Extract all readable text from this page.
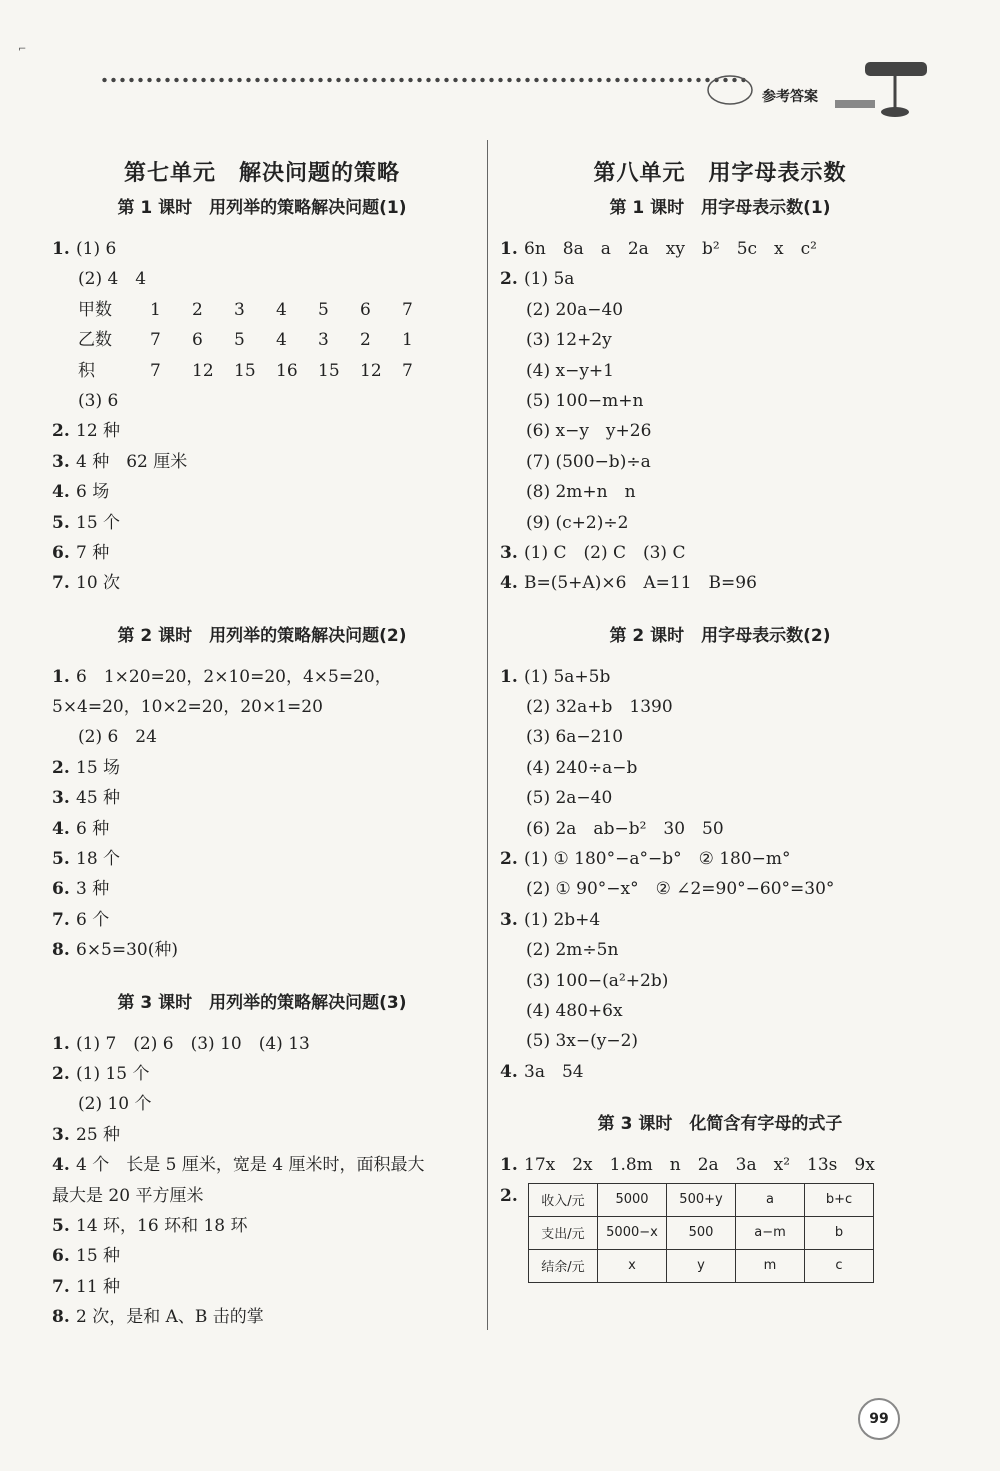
⌐
参考答案
第七单元　解决问题的策略
第 1 课时　用列举的策略解决问题(1)
1. (1) 6
(2) 4　4
甲数 1 2 3 4 5 6 7
乙数 7 6 5 4 3 2 1
积	7 12 15 16 15 12 7
(3) 6
2. 12 种
3. 4 种　62 厘米
4. 6 场
5. 15 个
6. 7 种
7. 10 次
第 2 课时　用列举的策略解决问题(2)
1. 6　1×20=20，2×10=20，4×5=20，
5×4=20，10×2=20，20×1=20
(2) 6　24
2. 15 场
3. 45 种
4. 6 种
5. 18 个
6. 3 种
7. 6 个
8. 6×5=30(种)
第 3 课时　用列举的策略解决问题(3)
1. (1) 7　(2) 6　(3) 10　(4) 13
2. (1) 15 个
(2) 10 个
3. 25 种
4. 4 个　长是 5 厘米，宽是 4 厘米时，面积最大
最大是 20 平方厘米
5. 14 环，16 环和 18 环
6. 15 种
7. 11 种
8. 2 次，是和 A、B 击的掌
第八单元　用字母表示数
第 1 课时　用字母表示数(1)
1. 6n　8a　a　2a　xy　b²　5c　x　c²
2. (1) 5a
(2) 20a−40
(3) 12+2y
(4) x−y+1
(5) 100−m+n
(6) x−y　y+26
(7) (500−b)÷a
(8) 2m+n　n
(9) (c+2)÷2
3. (1) C　(2) C　(3) C
4. B=(5+A)×6　A=11　B=96
第 2 课时　用字母表示数(2)
1. (1) 5a+5b
(2) 32a+b　1390
(3) 6a−210
(4) 240÷a−b
(5) 2a−40
(6) 2a　ab−b²　30　50
2. (1) ① 180°−a°−b°　② 180−m°
(2) ① 90°−x°　② ∠2=90°−60°=30°
3. (1) 2b+4
(2) 2m÷5n
(3) 100−(a²+2b)
(4) 480+6x
(5) 3x−(y−2)
4. 3a　54
第 3 课时　化简含有字母的式子
1. 17x　2x　1.8m　n　2a　3a　x²　13s　9x
2.	收入/元	5000	500+y	a	b+c
支出/元	5000−x	500	a−m	b
结余/元	x	y	m	c
99
